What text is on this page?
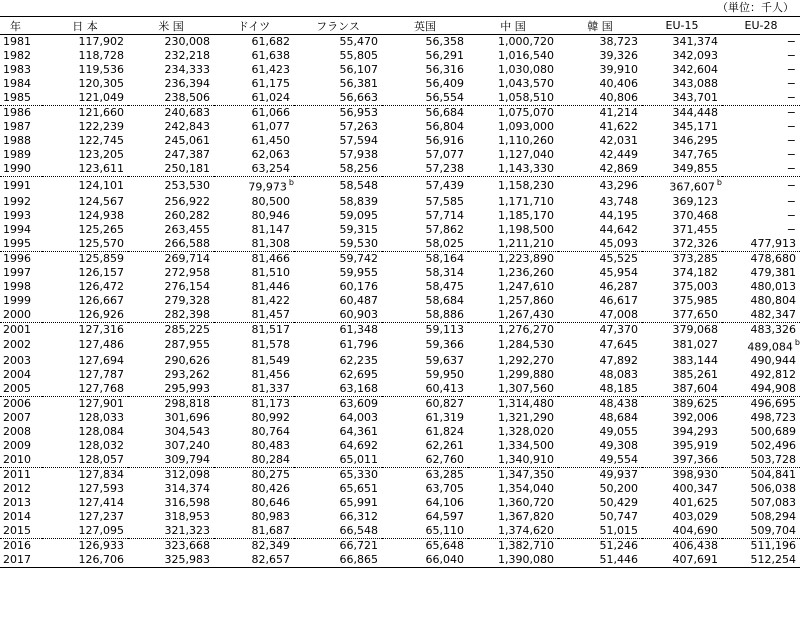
（単位：千人）
年	日 本	米 国	ドイツ	フランス	英国	中 国	韓 国	EU-15	EU-28
1981	117,902	230,008	61,682	55,470	56,358	1,000,720	38,723	341,374	−
1982	118,728	232,218	61,638	55,805	56,291	1,016,540	39,326	342,093	−
1983	119,536	234,333	61,423	56,107	56,316	1,030,080	39,910	342,604	−
1984	120,305	236,394	61,175	56,381	56,409	1,043,570	40,406	343,088	−
1985	121,049	238,506	61,024	56,663	56,554	1,058,510	40,806	343,701	−
1986	121,660	240,683	61,066	56,953	56,684	1,075,070	41,214	344,448	−
1987	122,239	242,843	61,077	57,263	56,804	1,093,000	41,622	345,171	−
1988	122,745	245,061	61,450	57,594	56,916	1,110,260	42,031	346,295	−
1989	123,205	247,387	62,063	57,938	57,077	1,127,040	42,449	347,765	−
1990	123,611	250,181	63,254	58,256	57,238	1,143,330	42,869	349,855	−
1991	124,101	253,530	79,973 $^b$	58,548	57,439	1,158,230	43,296	367,607 $^b$	−
1992	124,567	256,922	80,500	58,839	57,585	1,171,710	43,748	369,123	−
1993	124,938	260,282	80,946	59,095	57,714	1,185,170	44,195	370,468	−
1994	125,265	263,455	81,147	59,315	57,862	1,198,500	44,642	371,455	−
1995	125,570	266,588	81,308	59,530	58,025	1,211,210	45,093	372,326	477,913
1996	125,859	269,714	81,466	59,742	58,164	1,223,890	45,525	373,285	478,680
1997	126,157	272,958	81,510	59,955	58,314	1,236,260	45,954	374,182	479,381
1998	126,472	276,154	81,446	60,176	58,475	1,247,610	46,287	375,003	480,013
1999	126,667	279,328	81,422	60,487	58,684	1,257,860	46,617	375,985	480,804
2000	126,926	282,398	81,457	60,903	58,886	1,267,430	47,008	377,650	482,347
2001	127,316	285,225	81,517	61,348	59,113	1,276,270	47,370	379,068	483,326
2002	127,486	287,955	81,578	61,796	59,366	1,284,530	47,645	381,027	489,084 $^b$
2003	127,694	290,626	81,549	62,235	59,637	1,292,270	47,892	383,144	490,944
2004	127,787	293,262	81,456	62,695	59,950	1,299,880	48,083	385,261	492,812
2005	127,768	295,993	81,337	63,168	60,413	1,307,560	48,185	387,604	494,908
2006	127,901	298,818	81,173	63,609	60,827	1,314,480	48,438	389,625	496,695
2007	128,033	301,696	80,992	64,003	61,319	1,321,290	48,684	392,006	498,723
2008	128,084	304,543	80,764	64,361	61,824	1,328,020	49,055	394,293	500,689
2009	128,032	307,240	80,483	64,692	62,261	1,334,500	49,308	395,919	502,496
2010	128,057	309,794	80,284	65,011	62,760	1,340,910	49,554	397,366	503,728
2011	127,834	312,098	80,275	65,330	63,285	1,347,350	49,937	398,930	504,841
2012	127,593	314,374	80,426	65,651	63,705	1,354,040	50,200	400,347	506,038
2013	127,414	316,598	80,646	65,991	64,106	1,360,720	50,429	401,625	507,083
2014	127,237	318,953	80,983	66,312	64,597	1,367,820	50,747	403,029	508,294
2015	127,095	321,323	81,687	66,548	65,110	1,374,620	51,015	404,690	509,704
2016	126,933	323,668	82,349	66,721	65,648	1,382,710	51,246	406,438	511,196
2017	126,706	325,983	82,657	66,865	66,040	1,390,080	51,446	407,691	512,254
